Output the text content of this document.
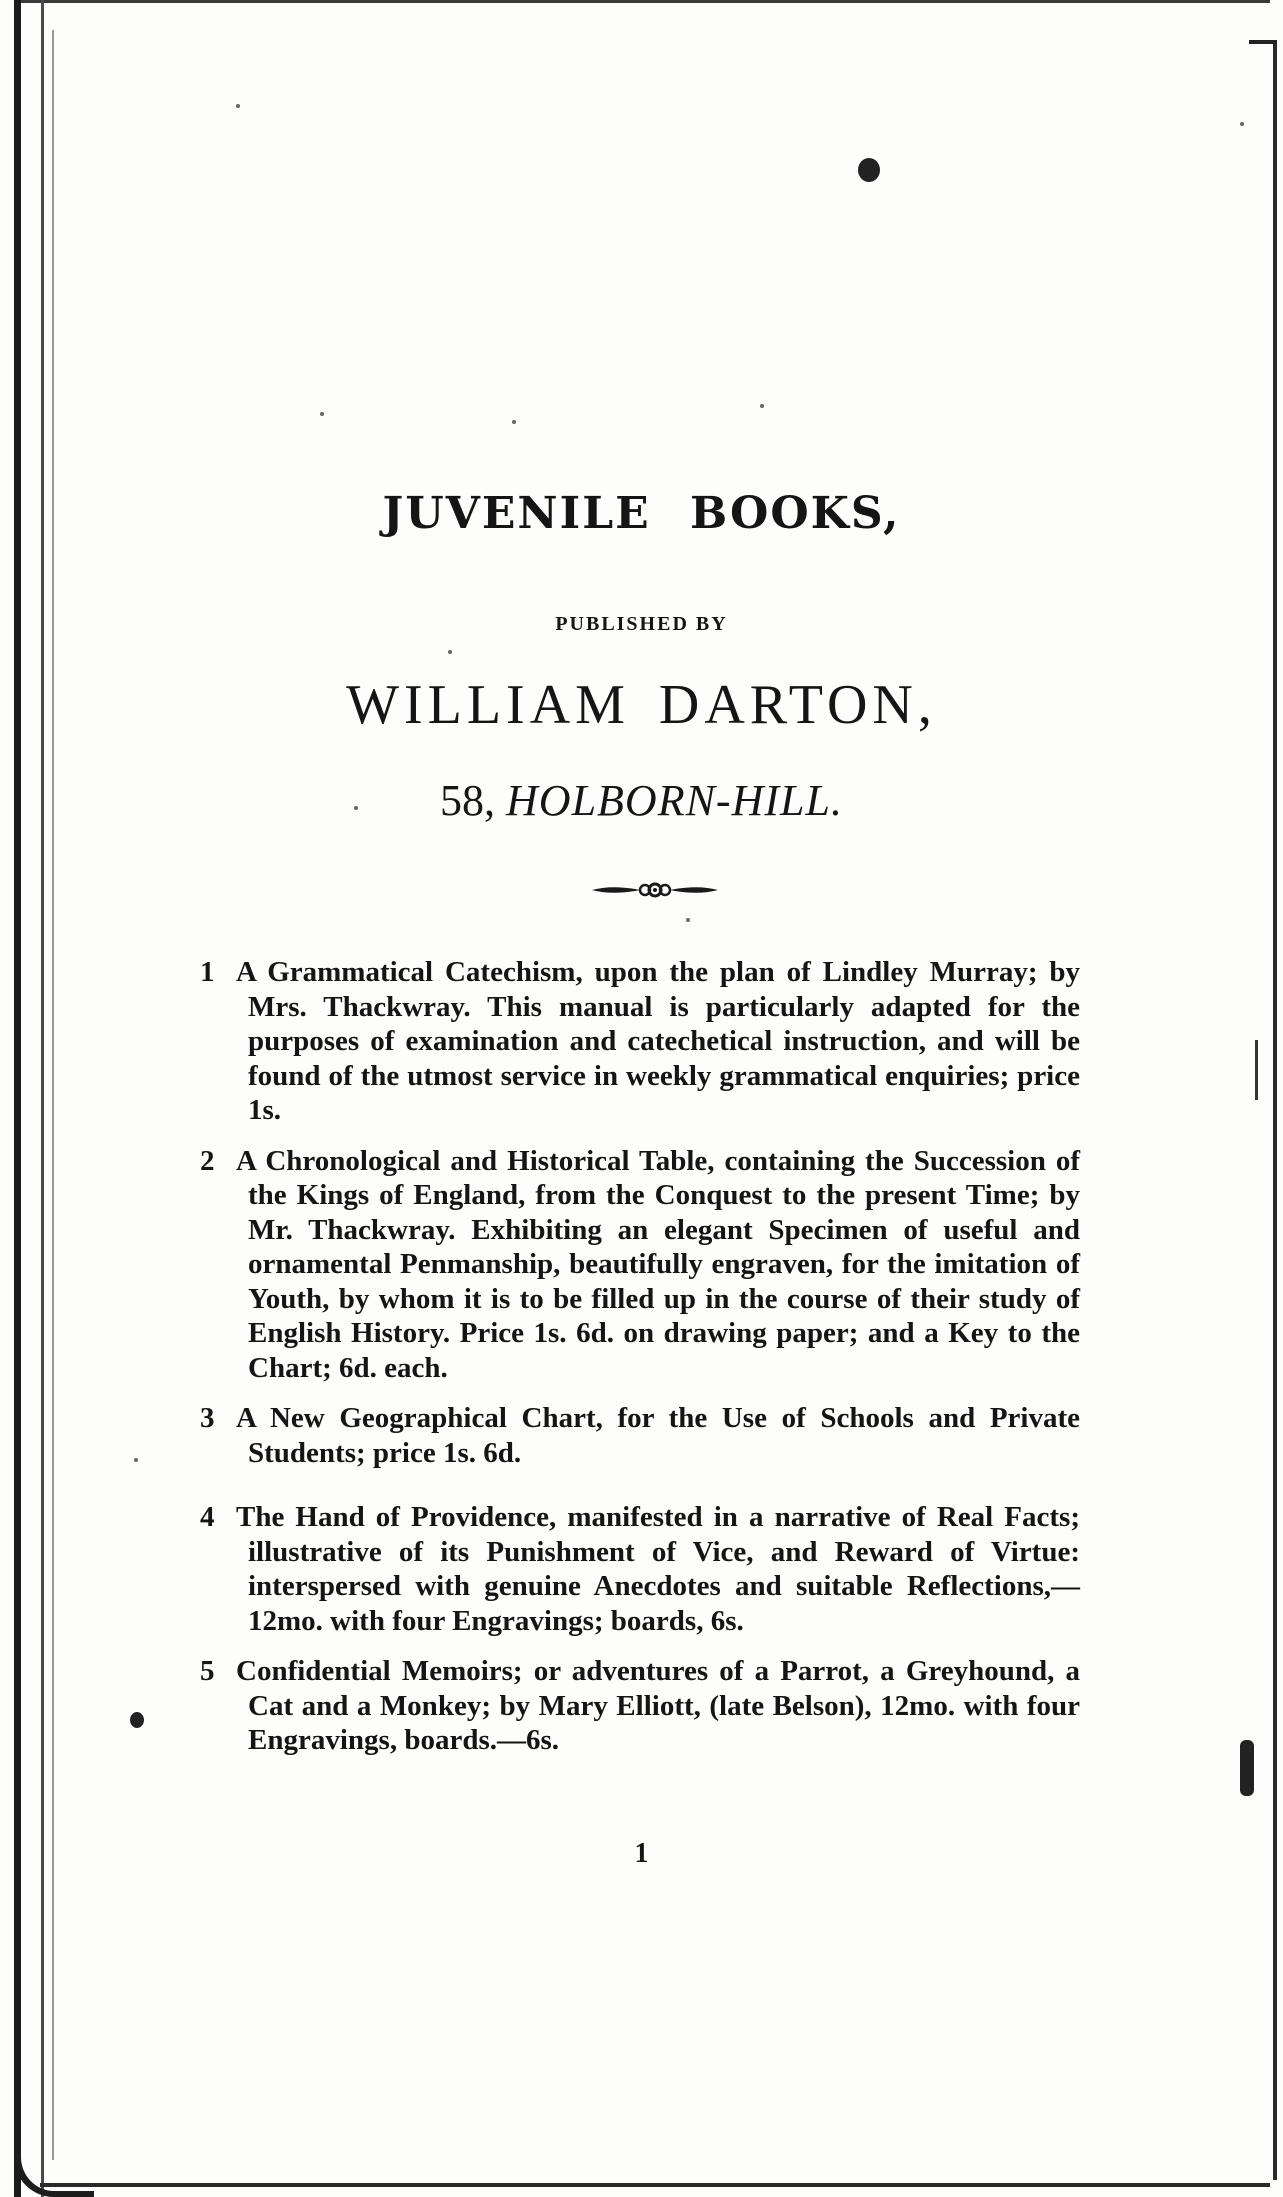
JUVENILE BOOKS,
PUBLISHED BY
WILLIAM DARTON,
58, HOLBORN-HILL.
1 A Grammatical Catechism, upon the plan of Lindley Murray; by Mrs. Thackwray. This manual is particularly adapted for the purposes of examination and catechetical instruction, and will be found of the utmost service in weekly grammatical enquiries; price 1s.
2 A Chronological and Historical Table, containing the Succession of the Kings of England, from the Conquest to the present Time; by Mr. Thackwray. Exhibiting an elegant Specimen of useful and ornamental Penmanship, beautifully engraven, for the imitation of Youth, by whom it is to be filled up in the course of their study of English History. Price 1s. 6d. on drawing paper; and a Key to the Chart; 6d. each.
3 A New Geographical Chart, for the Use of Schools and Private Students; price 1s. 6d.
4 The Hand of Providence, manifested in a narrative of Real Facts; illustrative of its Punishment of Vice, and Reward of Virtue: interspersed with genuine Anecdotes and suitable Reflections,—12mo. with four Engravings; boards, 6s.
5 Confidential Memoirs; or adventures of a Parrot, a Greyhound, a Cat and a Monkey; by Mary Elliott, (late Belson), 12mo. with four Engravings, boards.—6s.
1
